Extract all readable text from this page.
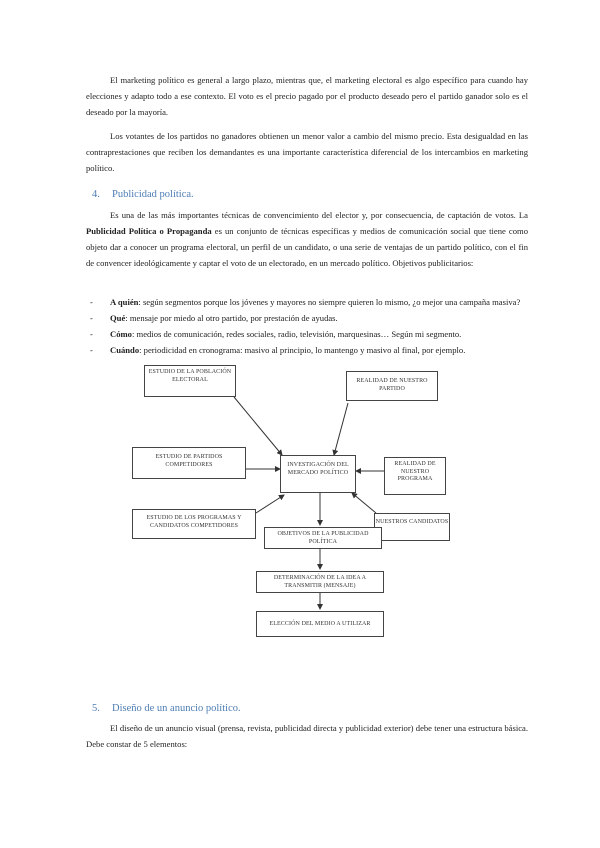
El marketing político es general a largo plazo, mientras que, el marketing electoral es algo específico para cuando hay elecciones y adapto todo a ese contexto. El voto es el precio pagado por el producto deseado pero el partido ganador solo es el deseado por la mayoría.

Los votantes de los partidos no ganadores obtienen un menor valor a cambio del mismo precio. Esta desigualdad en las contraprestaciones que reciben los demandantes es una importante característica diferencial de los intercambios en marketing político.

4. Publicidad política.

Es una de las más importantes técnicas de convencimiento del elector y, por consecuencia, de captación de votos. La Publicidad Política o Propaganda es un conjunto de técnicas específicas y medios de comunicación social que tiene como objeto dar a conocer un programa electoral, un perfil de un candidato, o una serie de ventajas de un partido político, con el fin de convencer ideológicamente y captar el voto de un electorado, en un mercado político. Objetivos publicitarios:

- A quién: según segmentos porque los jóvenes y mayores no siempre quieren lo mismo, ¿o mejor una campaña masiva?
- Qué: mensaje por miedo al otro partido, por prestación de ayudas.
- Cómo: medios de comunicación, redes sociales, radio, televisión, marquesinas… Según mi segmento.
- Cuándo: periodicidad en cronograma: masivo al principio, lo mantengo y masivo al final, por ejemplo.
ESTUDIO DE LA POBLACIÓN ELECTORAL	REALIDAD DE NUESTRO PARTIDO
ESTUDIO DE PARTIDOS COMPETIDORES	INVESTIGACIÓN DEL MERCADO POLÍTICO
REALIDAD DE NUESTRO PROGRAMA
ESTUDIO DE LOS PROGRAMAS Y CANDIDATOS COMPETIDORES
NUESTROS CANDIDATOS
OBJETIVOS DE LA PUBLICIDAD POLÍTICA
DETERMINACIÓN DE LA IDEA A TRANSMITIR (MENSAJE)
ELECCIÓN DEL MEDIO A UTILIZAR
5. Diseño de un anuncio político.

El diseño de un anuncio visual (prensa, revista, publicidad directa y publicidad exterior) debe tener una estructura básica. Debe constar de 5 elementos:
